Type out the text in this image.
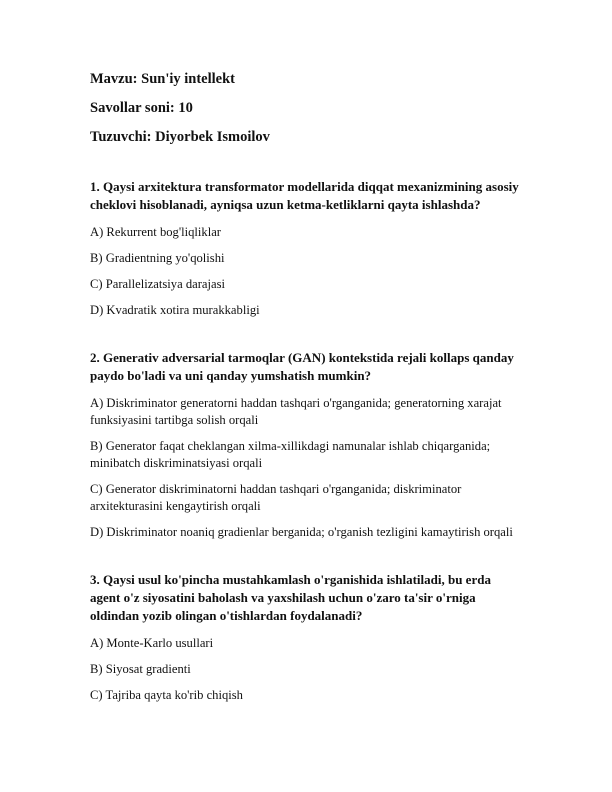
Mavzu: Sun'iy intellekt
Savollar soni: 10
Tuzuvchi: Diyorbek Ismoilov
1. Qaysi arxitektura transformator modellarida diqqat mexanizmining asosiy cheklovi hisoblanadi, ayniqsa uzun ketma-ketliklarni qayta ishlashda?
A) Rekurrent bog'liqliklar
B) Gradientning yo'qolishi
C) Parallelizatsiya darajasi
D) Kvadratik xotira murakkabligi
2. Generativ adversarial tarmoqlar (GAN) kontekstida rejali kollaps qanday paydo bo'ladi va uni qanday yumshatish mumkin?
A) Diskriminator generatorni haddan tashqari o'rganganida; generatorning xarajat funksiyasini tartibga solish orqali
B) Generator faqat cheklangan xilma-xillikdagi namunalar ishlab chiqarganida; minibatch diskriminatsiyasi orqali
C) Generator diskriminatorni haddan tashqari o'rganganida; diskriminator arxitekturasini kengaytirish orqali
D) Diskriminator noaniq gradienlar berganida; o'rganish tezligini kamaytirish orqali
3. Qaysi usul ko'pincha mustahkamlash o'rganishida ishlatiladi, bu erda agent o'z siyosatini baholash va yaxshilash uchun o'zaro ta'sir o'rniga oldindan yozib olingan o'tishlardan foydalanadi?
A) Monte-Karlo usullari
B) Siyosat gradienti
C) Tajriba qayta ko'rib chiqish
